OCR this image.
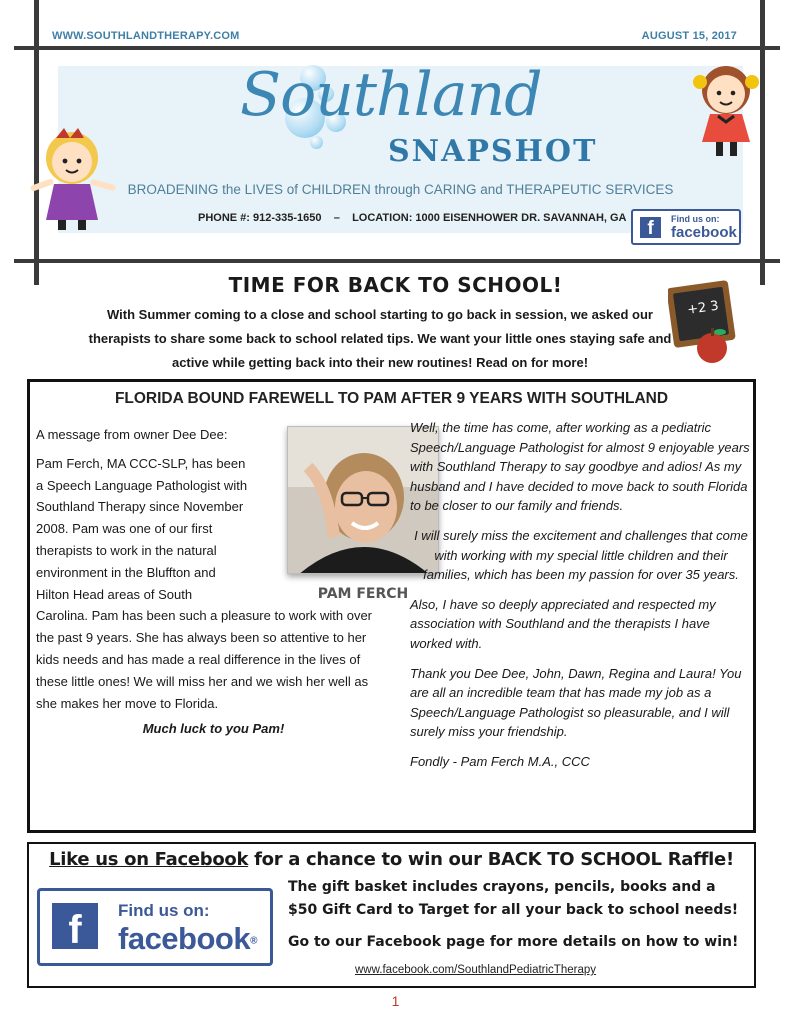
WWW.SOUTHLANDTHERAPY.COM	AUGUST 15, 2017
Southland
SNAPSHOT
BROADENING the LIVES of CHILDREN through CARING and THERAPEUTIC SERVICES
PHONE #: 912-335-1650    –    LOCATION: 1000 EISENHOWER DR. SAVANNAH, GA	f	Find us on:
facebook
TIME FOR BACK TO SCHOOL!
With Summer coming to a close and school starting to go back in session, we asked our therapists to share some back to school related tips. We want your little ones staying safe and active while getting back into their new routines! Read on for more!
+2 3
FLORIDA BOUND FAREWELL TO PAM AFTER 9 YEARS WITH SOUTHLAND

A message from owner Dee Dee:

Pam Ferch, MA CCC-SLP, has been a Speech Language Pathologist with Southland Therapy since November 2008. Pam was one of our first therapists to work in the natural environment in the Bluffton and Hilton Head areas of South
Carolina. Pam has been such a pleasure to work with over the past 9 years. She has always been so attentive to her kids needs and has made a real difference in the lives of these little ones! We will miss her and we wish her well as she makes her move to Florida.

Much luck to you Pam!

PAM FERCH

Well, the time has come, after working as a pediatric Speech/Language Pathologist for almost 9 enjoyable years with Southland Therapy to say goodbye and adios! As my husband and I have decided to move back to south Florida to be closer to our family and friends.

I will surely miss the excitement and challenges that come with working with my special little children and their families, which has been my passion for over 35 years.

Also, I have so deeply appreciated and respected my association with Southland and the therapists I have worked with.

Thank you Dee Dee, John, Dawn, Regina and Laura! You are all an incredible team that has made my job as a Speech/Language Pathologist so pleasurable, and I will surely miss your friendship.

Fondly - Pam Ferch M.A., CCC

Like us on Facebook for a chance to win our BACK TO SCHOOL Raffle!
f	Find us on:
facebook®
The gift basket includes crayons, pencils, books and a $50 Gift Card to Target for all your back to school needs!
Go to our Facebook page for more details on how to win!
www.facebook.com/SouthlandPediatricTherapy
1
